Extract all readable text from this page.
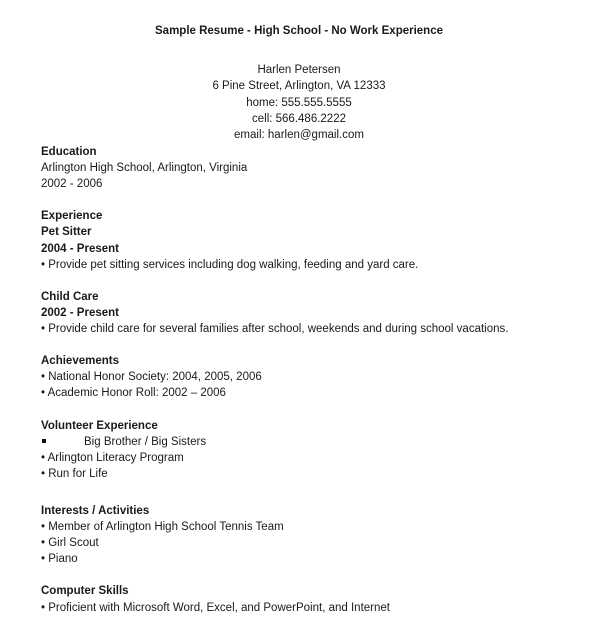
Sample Resume - High School - No Work Experience
Harlen Petersen
6 Pine Street, Arlington, VA 12333
home: 555.555.5555
cell: 566.486.2222
email: harlen@gmail.com
Education
Arlington High School, Arlington, Virginia
2002 - 2006
Experience
Pet Sitter
2004 - Present
• Provide pet sitting services including dog walking, feeding and yard care.
Child Care
2002 - Present
• Provide child care for several families after school, weekends and during school vacations.
Achievements
• National Honor Society: 2004, 2005, 2006
• Academic Honor Roll: 2002 – 2006
Volunteer Experience
Big Brother / Big Sisters
• Arlington Literacy Program
• Run for Life
Interests / Activities
• Member of Arlington High School Tennis Team
• Girl Scout
• Piano
Computer Skills
• Proficient with Microsoft Word, Excel, and PowerPoint, and Internet
